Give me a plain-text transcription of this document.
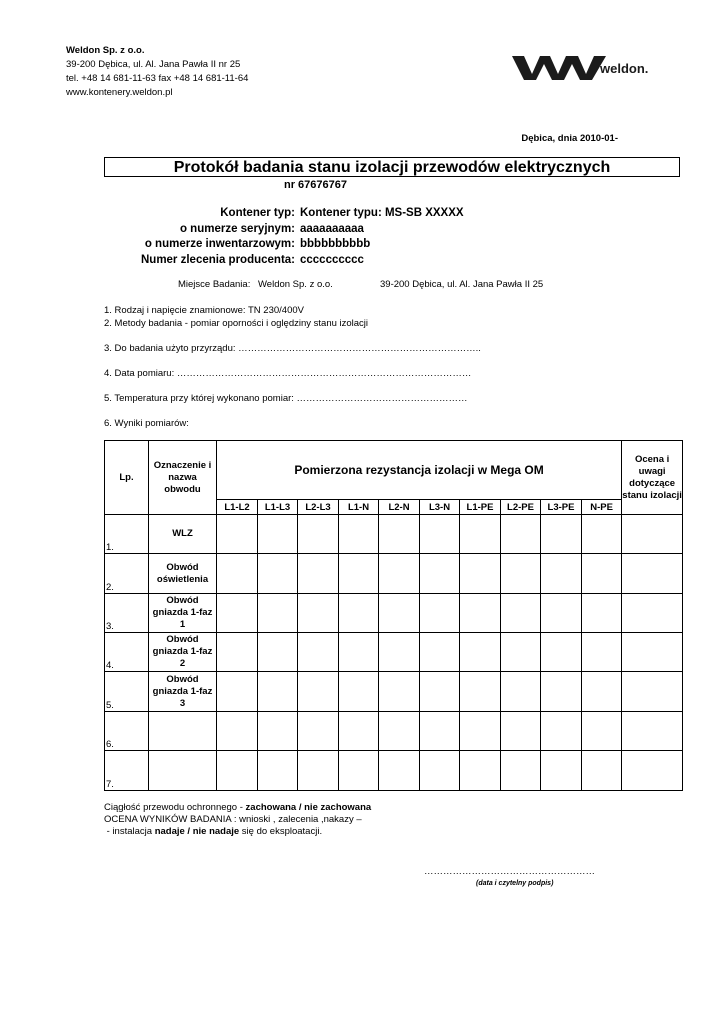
Weldon Sp. z o.o.
39-200 Dębica, ul. Al. Jana Pawła II nr 25
tel. +48 14 681-11-63 fax +48 14 681-11-64
www.kontenery.weldon.pl
weldon.
Dębica, dnia 2010-01-
Protokół badania stanu izolacji przewodów elektrycznych
nr 67676767
Kontener typ: Kontener typu: MS-SB XXXXX
o numerze seryjnym: aaaaaaaaaa
o numerze inwentarzowym: bbbbbbbbbb
Numer zlecenia producenta: cccccccccc
Miejsce Badania: Weldon Sp. z o.o.	39-200 Dębica, ul. Al. Jana Pawła II 25
1. Rodzaj i napięcie znamionowe: TN 230/400V
2. Metody badania - pomiar oporności i oględziny stanu izolacji
3. Do badania użyto przyrządu: …………………………………………………………………..
4. Data pomiaru: …………………………………………………………………………………
5. Temperatura przy której wykonano pomiar: ………………………………………………
6. Wyniki pomiarów:
Lp.	Oznaczenie i nazwa obwodu	Pomierzona rezystancja izolacji w Mega OM										Ocena i uwagi dotyczące stanu izolacji
		L1-L2	L1-L3	L2-L3	L1-N	L2-N	L3-N	L1-PE	L2-PE	L3-PE	N-PE	
1.	WLZ											
2.	Obwód oświetlenia											
3.	Obwód gniazda 1-faz 1											
4.	Obwód gniazda 1-faz 2											
5.	Obwód gniazda 1-faz 3											
6.												
7.												
Ciągłość przewodu ochronnego - zachowana / nie zachowana
OCENA WYNIKÓW BADANIA : wnioski , zalecenia ,nakazy –
- instalacja nadaje / nie nadaje się do eksploatacji.
………………………………………………
(data i czytelny podpis)
